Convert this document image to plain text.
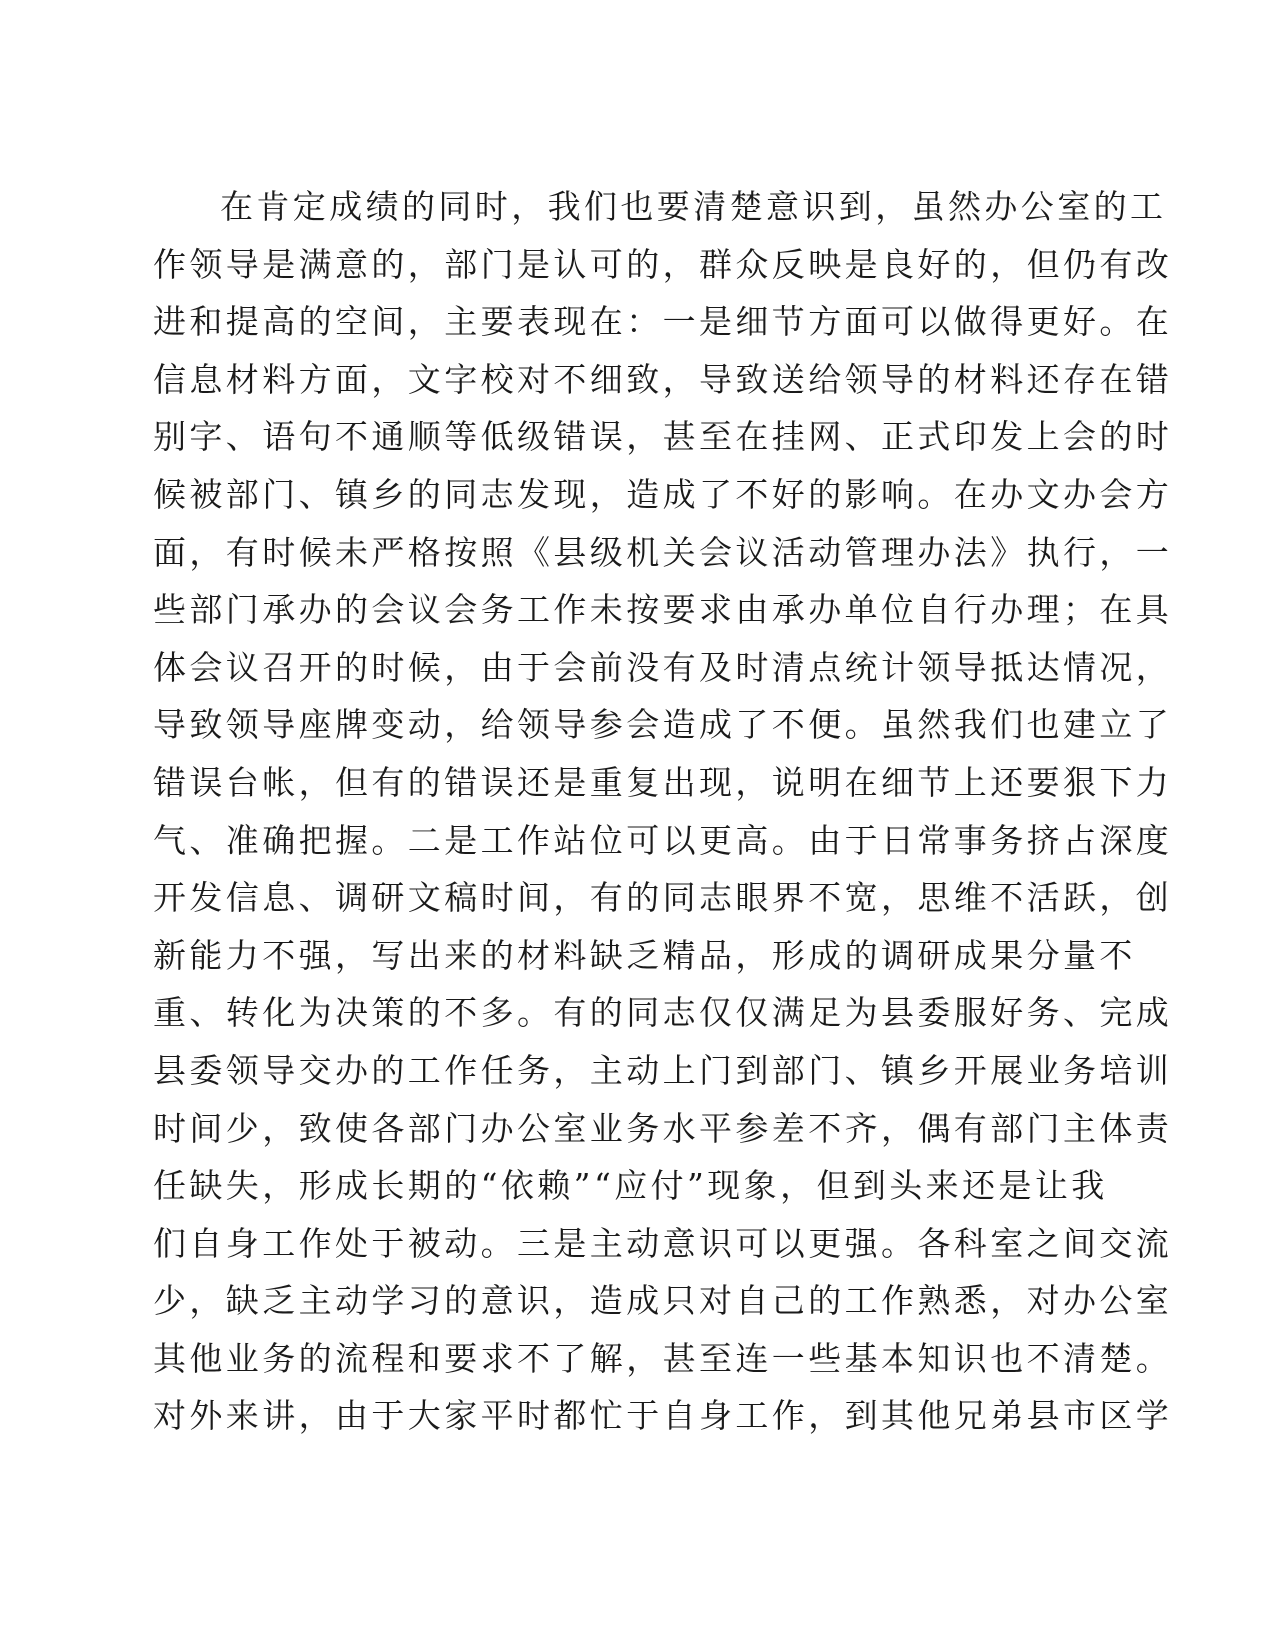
在肯定成绩的同时，我们也要清楚意识到，虽然办公室的工
作领导是满意的，部门是认可的，群众反映是良好的，但仍有改
进和提高的空间，主要表现在：一是细节方面可以做得更好。在
信息材料方面，文字校对不细致，导致送给领导的材料还存在错
别字、语句不通顺等低级错误，甚至在挂网、正式印发上会的时
候被部门、镇乡的同志发现，造成了不好的影响。在办文办会方
面，有时候未严格按照《县级机关会议活动管理办法》执行，一
些部门承办的会议会务工作未按要求由承办单位自行办理；在具
体会议召开的时候，由于会前没有及时清点统计领导抵达情况，
导致领导座牌变动，给领导参会造成了不便。虽然我们也建立了
错误台帐，但有的错误还是重复出现，说明在细节上还要狠下力
气、准确把握。二是工作站位可以更高。由于日常事务挤占深度
开发信息、调研文稿时间，有的同志眼界不宽，思维不活跃，创
新能力不强，写出来的材料缺乏精品，形成的调研成果分量不
重、转化为决策的不多。有的同志仅仅满足为县委服好务、完成
县委领导交办的工作任务，主动上门到部门、镇乡开展业务培训
时间少，致使各部门办公室业务水平参差不齐，偶有部门主体责
任缺失，形成长期的“依赖”“应付”现象，但到头来还是让我
们自身工作处于被动。三是主动意识可以更强。各科室之间交流
少，缺乏主动学习的意识，造成只对自己的工作熟悉，对办公室
其他业务的流程和要求不了解，甚至连一些基本知识也不清楚。
对外来讲，由于大家平时都忙于自身工作，到其他兄弟县市区学
